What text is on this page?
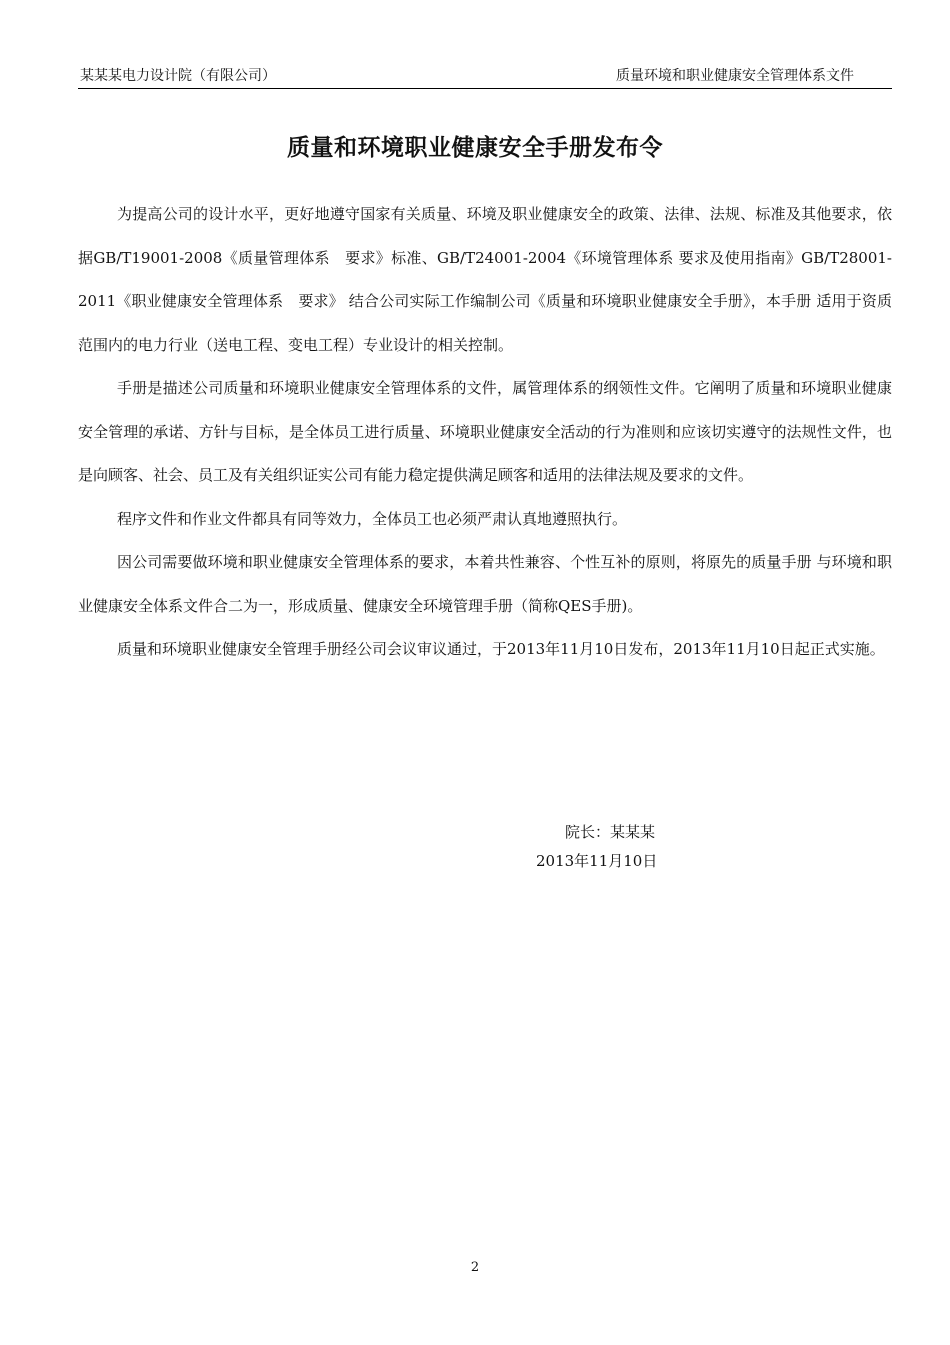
某某某电力设计院（有限公司）	质量环境和职业健康安全管理体系文件
质量和环境职业健康安全手册发布令

为提高公司的设计水平，更好地遵守国家有关质量、环境及职业健康安全的政策、法律、法规、标准及其他要求，依据GB/T19001-2008《质量管理体系　要求》标准、GB/T24001-2004《环境管理体系 要求及使用指南》GB/T28001-2011《职业健康安全管理体系　要求》 结合公司实际工作编制公司《质量和环境职业健康安全手册》，本手册 适用于资质范围内的电力行业（送电工程、变电工程）专业设计的相关控制。

手册是描述公司质量和环境职业健康安全管理体系的文件，属管理体系的纲领性文件。它阐明了质量和环境职业健康安全管理的承诺、方针与目标，是全体员工进行质量、环境职业健康安全活动的行为准则和应该切实遵守的法规性文件，也是向顾客、社会、员工及有关组织证实公司有能力稳定提供满足顾客和适用的法律法规及要求的文件。

程序文件和作业文件都具有同等效力，全体员工也必须严肃认真地遵照执行。

因公司需要做环境和职业健康安全管理体系的要求，本着共性兼容、个性互补的原则，将原先的质量手册 与环境和职业健康安全体系文件合二为一，形成质量、健康安全环境管理手册（简称QES手册)。

质量和环境职业健康安全管理手册经公司会议审议通过，于2013年11月10日发布，2013年11月10日起正式实施。

院长：某某某
2013年11月10日
2
